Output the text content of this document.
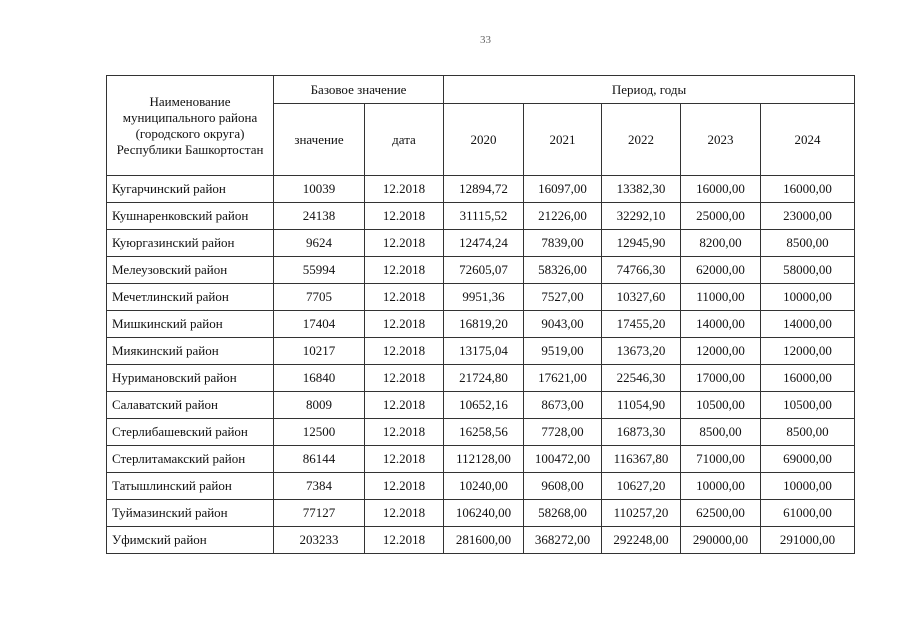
33
Наименование муниципального района (городского округа) Республики Башкортостан	Базовое значение		Период, годы				
	значение	дата	2020	2021	2022	2023	2024
Кугарчинский район	10039	12.2018	12894,72	16097,00	13382,30	16000,00	16000,00
Кушнаренковский район	24138	12.2018	31115,52	21226,00	32292,10	25000,00	23000,00
Куюргазинский район	9624	12.2018	12474,24	7839,00	12945,90	8200,00	8500,00
Мелеузовский район	55994	12.2018	72605,07	58326,00	74766,30	62000,00	58000,00
Мечетлинский район	7705	12.2018	9951,36	7527,00	10327,60	11000,00	10000,00
Мишкинский район	17404	12.2018	16819,20	9043,00	17455,20	14000,00	14000,00
Миякинский район	10217	12.2018	13175,04	9519,00	13673,20	12000,00	12000,00
Нуримановский район	16840	12.2018	21724,80	17621,00	22546,30	17000,00	16000,00
Салаватский район	8009	12.2018	10652,16	8673,00	11054,90	10500,00	10500,00
Стерлибашевский район	12500	12.2018	16258,56	7728,00	16873,30	8500,00	8500,00
Стерлитамакский район	86144	12.2018	112128,00	100472,00	116367,80	71000,00	69000,00
Татышлинский район	7384	12.2018	10240,00	9608,00	10627,20	10000,00	10000,00
Туймазинский район	77127	12.2018	106240,00	58268,00	110257,20	62500,00	61000,00
Уфимский район	203233	12.2018	281600,00	368272,00	292248,00	290000,00	291000,00
